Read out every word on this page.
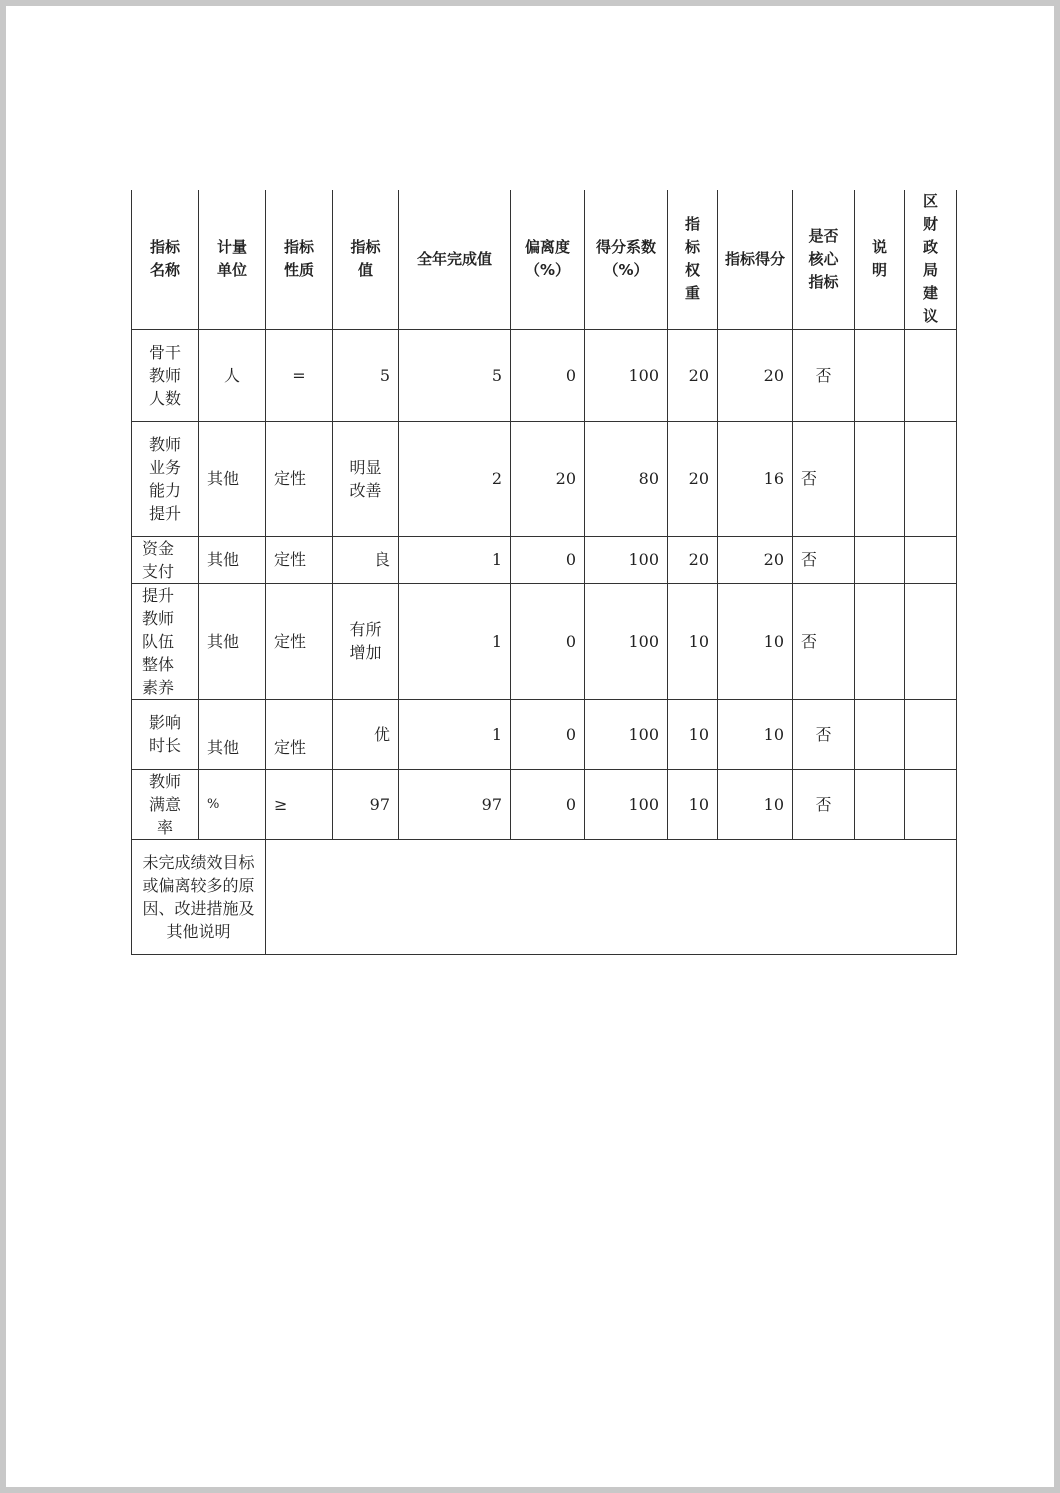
指标名称	计量单位	指标性质	指标值	全年完成值	偏离度（%）	得分系数（%）	指标权重	指标得分	是否核心指标	说明	区财政局建议
骨干教师人数	人	=	5	5	0	100	20	20	否		
教师业务能力提升	其他	定性	明显改善	2	20	80	20	16	否		
资金支付	其他	定性	良	1	0	100	20	20	否		
提升教师队伍整体素养	其他	定性	有所增加	1	0	100	10	10	否		
影响时长	其他	定性	优	1	0	100	10	10	否		
教师满意率	%	≥	97	97	0	100	10	10	否		
未完成绩效目标或偏离较多的原因、改进措施及其他说明											
